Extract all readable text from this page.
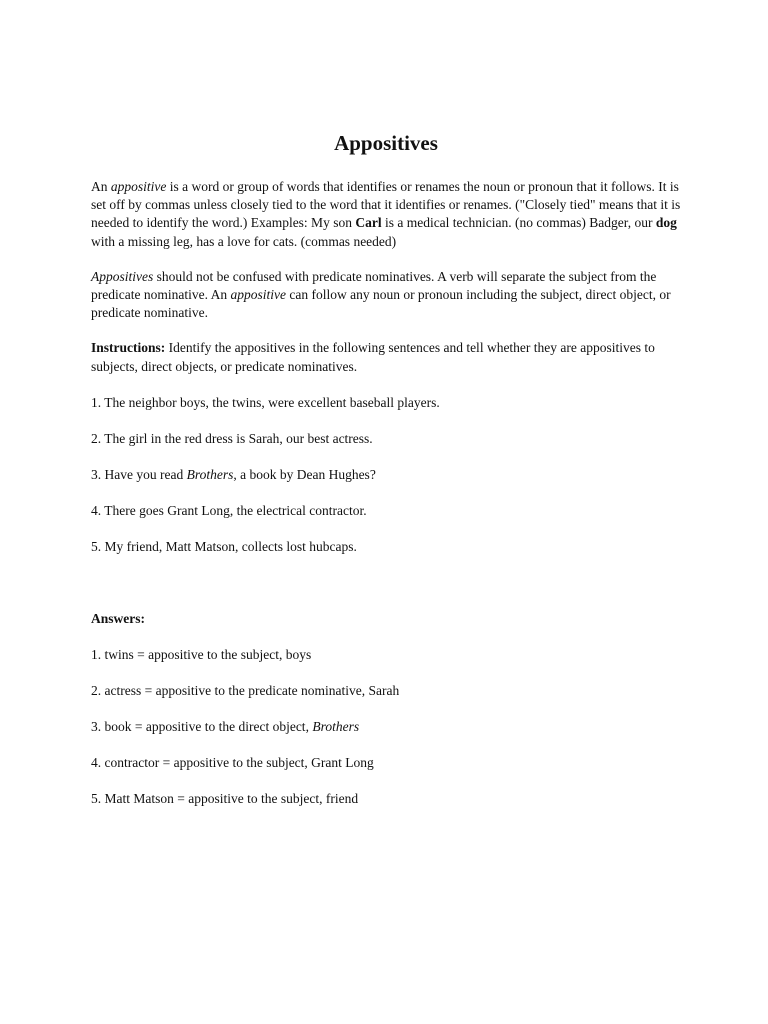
Appositives

An appositive is a word or group of words that identifies or renames the noun or pronoun that it follows. It is set off by commas unless closely tied to the word that it identifies or renames. ("Closely tied" means that it is needed to identify the word.) Examples: My son Carl is a medical technician. (no commas) Badger, our dog with a missing leg, has a love for cats. (commas needed)

Appositives should not be confused with predicate nominatives. A verb will separate the subject from the predicate nominative. An appositive can follow any noun or pronoun including the subject, direct object, or predicate nominative.

Instructions: Identify the appositives in the following sentences and tell whether they are appositives to subjects, direct objects, or predicate nominatives.

1. The neighbor boys, the twins, were excellent baseball players.
2. The girl in the red dress is Sarah, our best actress.
3. Have you read Brothers, a book by Dean Hughes?
4. There goes Grant Long, the electrical contractor.
5. My friend, Matt Matson, collects lost hubcaps.
Answers:
1. twins = appositive to the subject, boys
2. actress = appositive to the predicate nominative, Sarah
3. book = appositive to the direct object, Brothers
4. contractor = appositive to the subject, Grant Long
5. Matt Matson = appositive to the subject, friend
